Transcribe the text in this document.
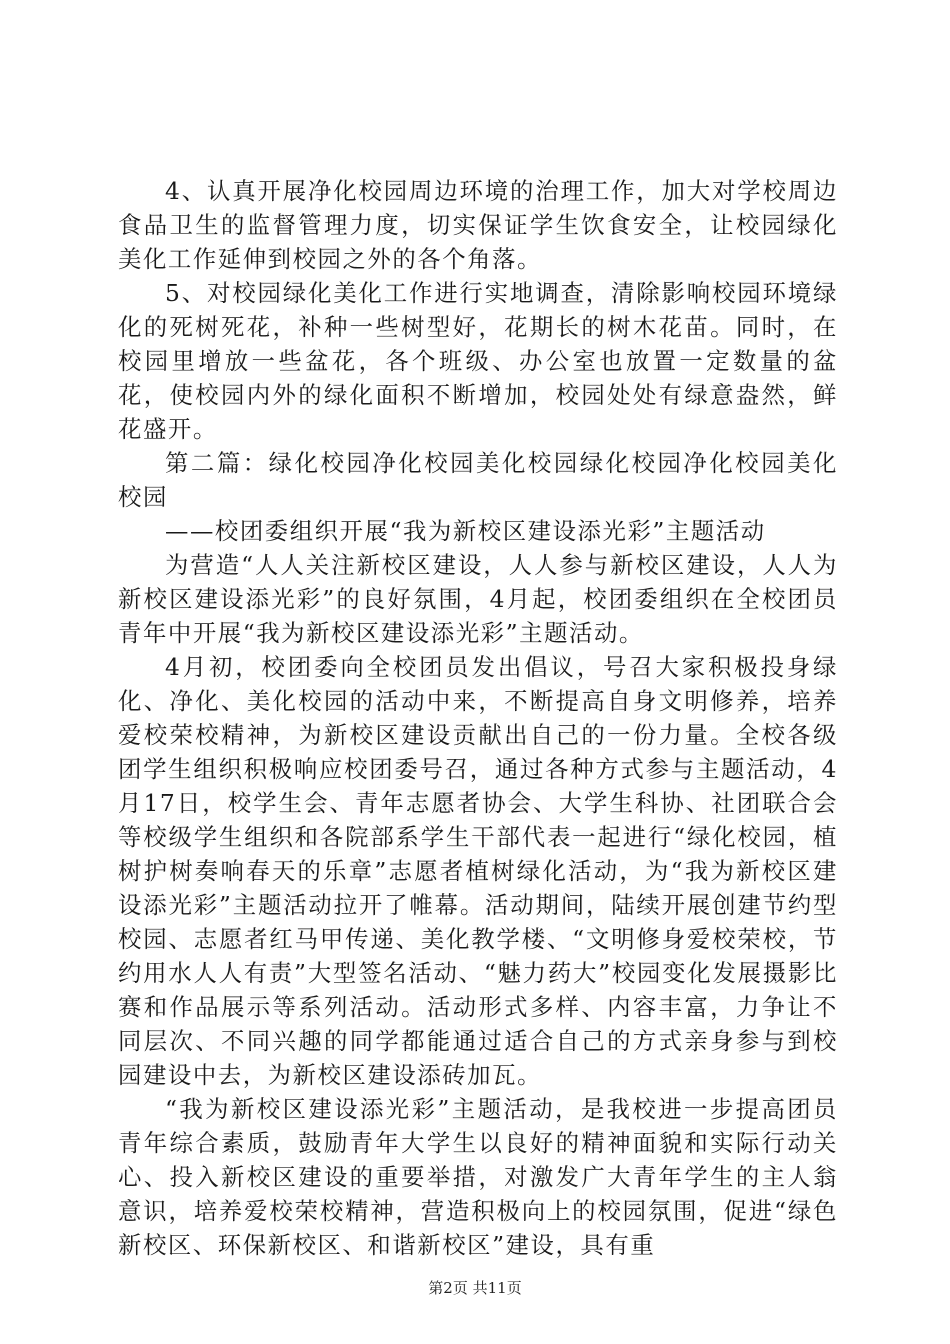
4、认真开展净化校园周边环境的治理工作，加大对学校周边食品卫生的监督管理力度，切实保证学生饮食安全，让校园绿化美化工作延伸到校园之外的各个角落。

5、对校园绿化美化工作进行实地调查，清除影响校园环境绿化的死树死花，补种一些树型好，花期长的树木花苗。同时，在校园里增放一些盆花，各个班级、办公室也放置一定数量的盆花，使校园内外的绿化面积不断增加，校园处处有绿意盎然，鲜花盛开。

第二篇：绿化校园净化校园美化校园绿化校园净化校园美化校园

——校团委组织开展“我为新校区建设添光彩”主题活动

为营造“人人关注新校区建设，人人参与新校区建设，人人为新校区建设添光彩”的良好氛围，4月起，校团委组织在全校团员青年中开展“我为新校区建设添光彩”主题活动。

4月初，校团委向全校团员发出倡议，号召大家积极投身绿化、净化、美化校园的活动中来，不断提高自身文明修养，培养爱校荣校精神，为新校区建设贡献出自己的一份力量。全校各级团学生组织积极响应校团委号召，通过各种方式参与主题活动，4月17日，校学生会、青年志愿者协会、大学生科协、社团联合会等校级学生组织和各院部系学生干部代表一起进行“绿化校园，植树护树奏响春天的乐章”志愿者植树绿化活动，为“我为新校区建设添光彩”主题活动拉开了帷幕。活动期间，陆续开展创建节约型校园、志愿者红马甲传递、美化教学楼、“文明修身爱校荣校，节约用水人人有责”大型签名活动、“魅力药大”校园变化发展摄影比赛和作品展示等系列活动。活动形式多样、内容丰富，力争让不同层次、不同兴趣的同学都能通过适合自己的方式亲身参与到校园建设中去，为新校区建设添砖加瓦。

“我为新校区建设添光彩”主题活动，是我校进一步提高团员青年综合素质，鼓励青年大学生以良好的精神面貌和实际行动关心、投入新校区建设的重要举措，对激发广大青年学生的主人翁意识，培养爱校荣校精神，营造积极向上的校园氛围，促进“绿色新校区、环保新校区、和谐新校区”建设，具有重

第2页 共11页
